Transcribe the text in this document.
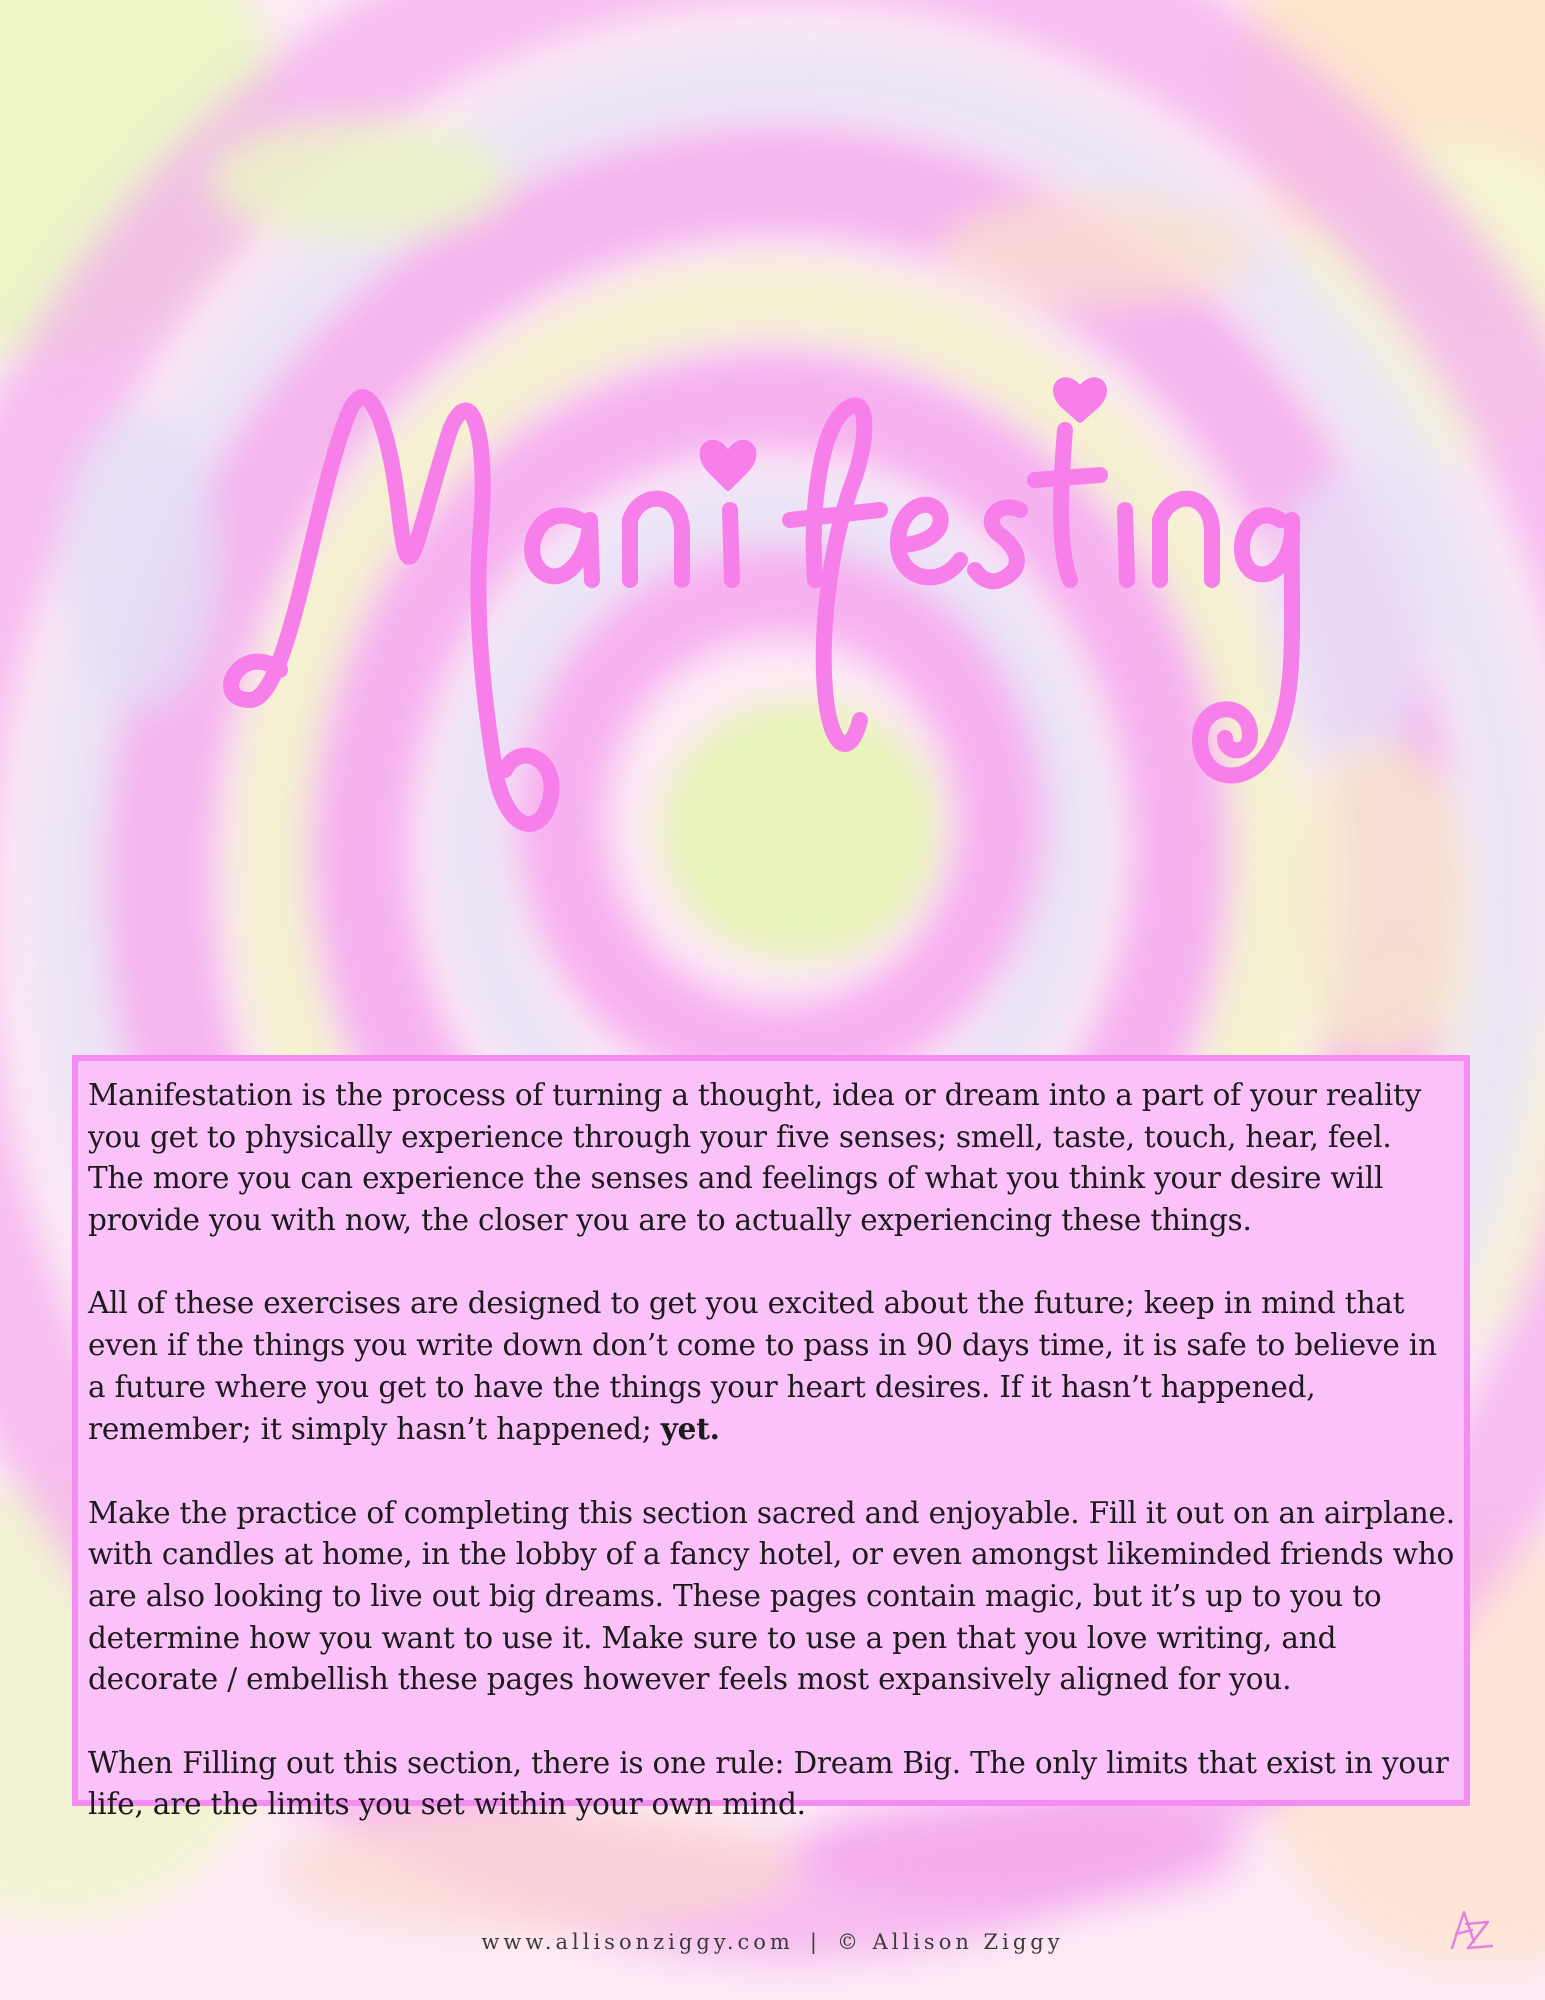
Manifestation is the process of turning a thought, idea or dream into a part of your reality you get to physically experience through your five senses; smell, taste, touch, hear, feel. The more you can experience the senses and feelings of what you think your desire will provide you with now, the closer you are to actually experiencing these things.

All of these exercises are designed to get you excited about the future; keep in mind that even if the things you write down don’t come to pass in 90 days time, it is safe to believe in a future where you get to have the things your heart desires. If it hasn’t happened, remember; it simply hasn’t happened; yet.

Make the practice of completing this section sacred and enjoyable. Fill it out on an airplane. with candles at home, in the lobby of a fancy hotel, or even amongst likeminded friends who are also looking to live out big dreams. These pages contain magic, but it’s up to you to determine how you want to use it. Make sure to use a pen that you love writing, and decorate / embellish these pages however feels most expansively aligned for you.

When Filling out this section, there is one rule: Dream Big. The only limits that exist in your life, are the limits you set within your own mind.

www.allisonziggy.com | © Allison Ziggy
